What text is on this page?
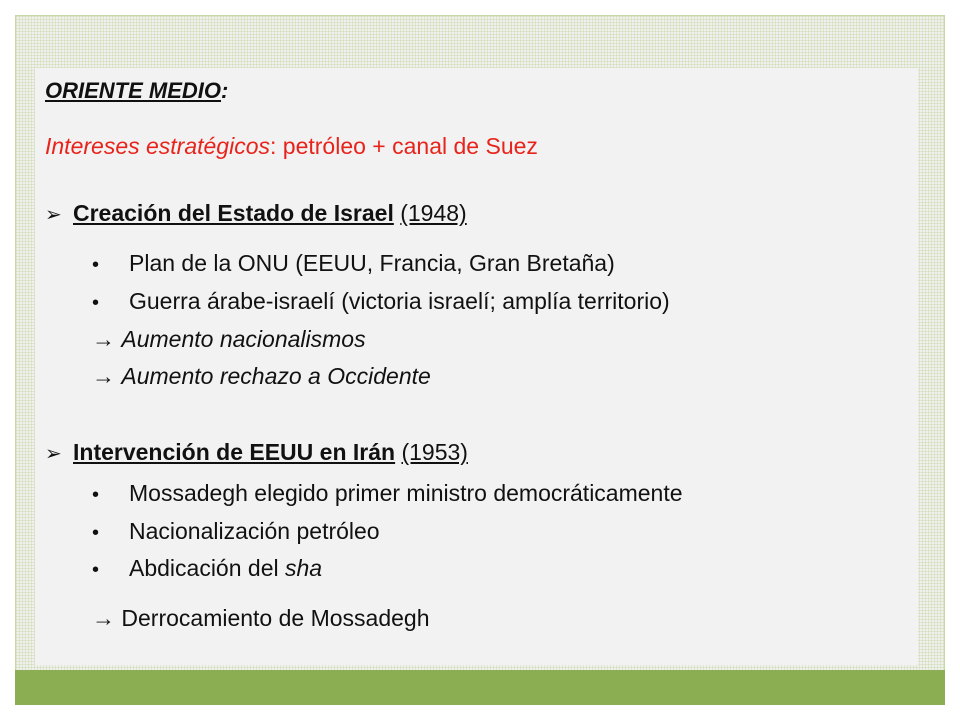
ORIENTE MEDIO:
Intereses estratégicos: petróleo + canal de Suez
➢ Creación del Estado de Israel (1948)
• Plan de la ONU (EEUU, Francia, Gran Bretaña)
• Guerra árabe-israelí (victoria israelí; amplía territorio)
→ Aumento nacionalismos
→ Aumento rechazo a Occidente
➢ Intervención de EEUU en Irán (1953)
• Mossadegh elegido primer ministro democráticamente
• Nacionalización petróleo
• Abdicación del sha
→ Derrocamiento de Mossadegh
